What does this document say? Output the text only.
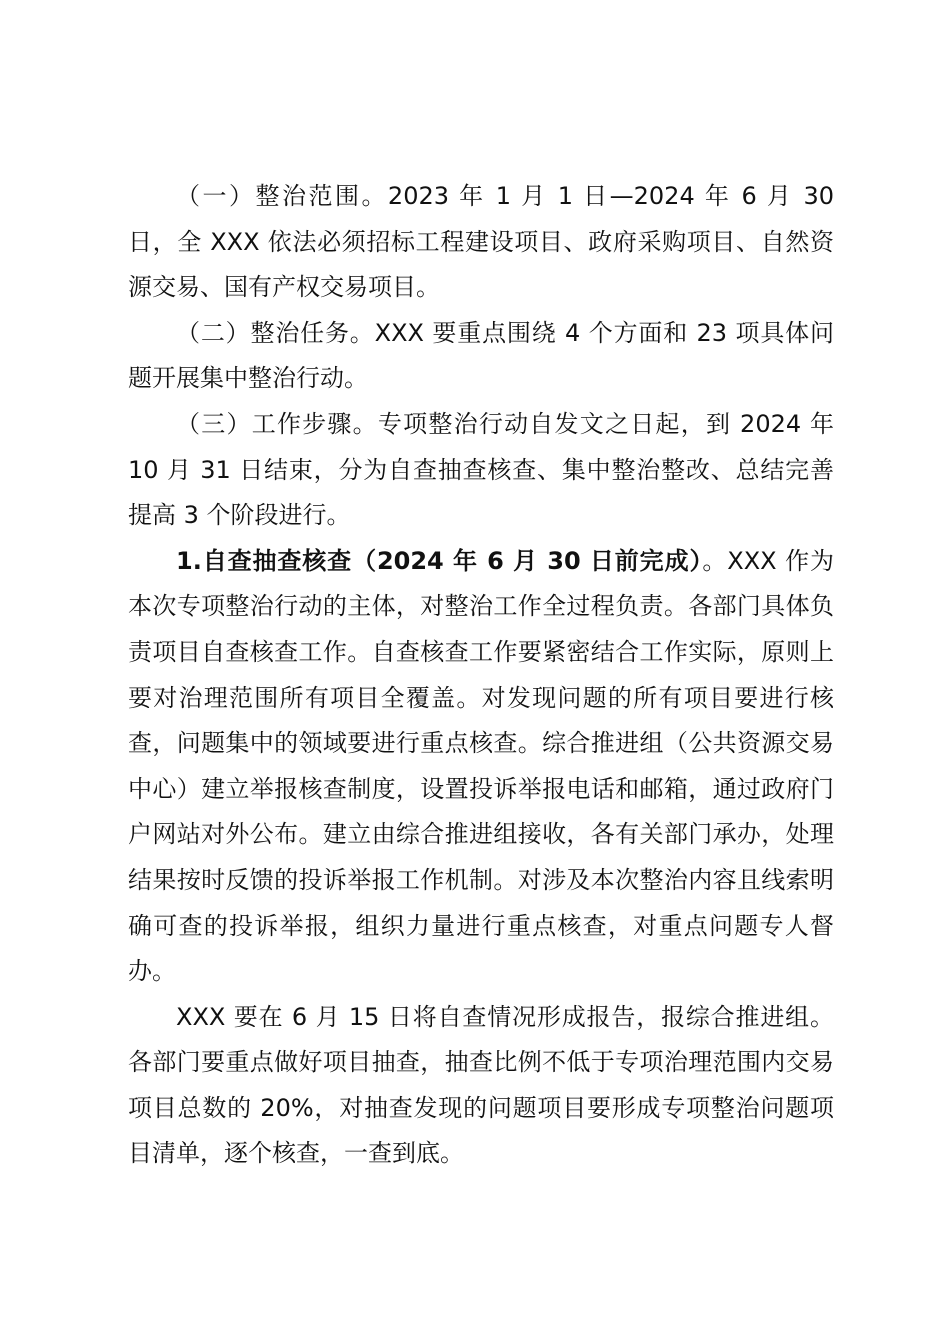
（一）整治范围。2023 年 1 月 1 日—2024 年 6 月 30 日，全 XXX 依法必须招标工程建设项目、政府采购项目、自然资源交易、国有产权交易项目。

（二）整治任务。XXX 要重点围绕 4 个方面和 23 项具体问题开展集中整治行动。

（三）工作步骤。专项整治行动自发文之日起，到 2024 年 10 月 31 日结束，分为自查抽查核查、集中整治整改、总结完善提高 3 个阶段进行。

1.自查抽查核查（2024 年 6 月 30 日前完成）。XXX 作为本次专项整治行动的主体，对整治工作全过程负责。各部门具体负责项目自查核查工作。自查核查工作要紧密结合工作实际，原则上要对治理范围所有项目全覆盖。对发现问题的所有项目要进行核查，问题集中的领域要进行重点核查。综合推进组（公共资源交易中心）建立举报核查制度，设置投诉举报电话和邮箱，通过政府门户网站对外公布。建立由综合推进组接收，各有关部门承办，处理结果按时反馈的投诉举报工作机制。对涉及本次整治内容且线索明确可查的投诉举报，组织力量进行重点核查，对重点问题专人督办。

XXX 要在 6 月 15 日将自查情况形成报告，报综合推进组。各部门要重点做好项目抽查，抽查比例不低于专项治理范围内交易项目总数的 20%，对抽查发现的问题项目要形成专项整治问题项目清单，逐个核查，一查到底。
